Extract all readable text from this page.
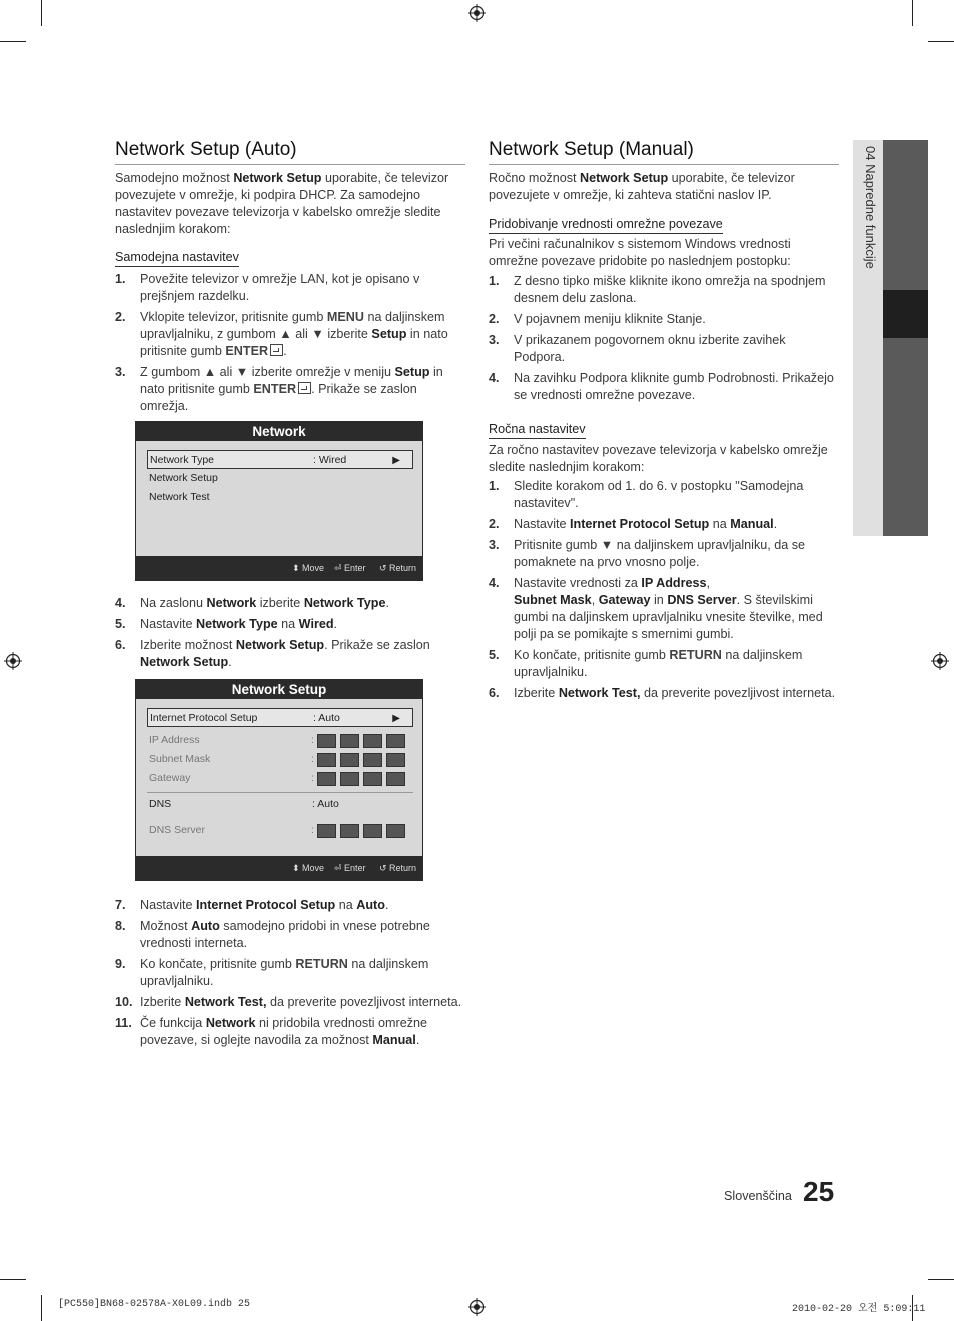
04 Napredne funkcije
Network Setup (Auto)

Samodejno možnost Network Setup uporabite, če televizor povezujete v omrežje, ki podpira DHCP. Za samodejno nastavitev povezave televizorja v kabelsko omrežje sledite naslednjim korakom:

Samodejna nastavitev
1. Povežite televizor v omrežje LAN, kot je opisano v prejšnjem razdelku.
2. Vklopite televizor, pritisnite gumb MENU na daljinskem upravljalniku, z gumbom ▲ ali ▼ izberite Setup in nato pritisnite gumb ENTER .
3. Z gumbom ▲ ali ▼ izberite omrežje v meniju Setup in nato pritisnite gumb ENTER . Prikaže se zaslon omrežja.
Network
Network Type	: Wired	▶
Network Setup
Network Test
⬍ Move ⏎ Enter ↺ Return
4. Na zaslonu Network izberite Network Type.
5. Nastavite Network Type na Wired.
6. Izberite možnost Network Setup. Prikaže se zaslon Network Setup.
Network Setup
Internet Protocol Setup	: Auto	▶
IP Address	:
Subnet Mask	:
Gateway	:
DNS	: Auto
DNS Server	:
⬍ Move ⏎ Enter ↺ Return
7. Nastavite Internet Protocol Setup na Auto.
8. Možnost Auto samodejno pridobi in vnese potrebne vrednosti interneta.
9. Ko končate, pritisnite gumb RETURN na daljinskem upravljalniku.
10. Izberite Network Test, da preverite povezljivost interneta.
11. Če funkcija Network ni pridobila vrednosti omrežne povezave, si oglejte navodila za možnost Manual.
Network Setup (Manual)

Ročno možnost Network Setup uporabite, če televizor povezujete v omrežje, ki zahteva statični naslov IP.

Pridobivanje vrednosti omrežne povezave

Pri večini računalnikov s sistemom Windows vrednosti omrežne povezave pridobite po naslednjem postopku:

1. Z desno tipko miške kliknite ikono omrežja na spodnjem desnem delu zaslona.
2. V pojavnem meniju kliknite Stanje.
3. V prikazanem pogovornem oknu izberite zavihek Podpora.
4. Na zavihku Podpora kliknite gumb Podrobnosti. Prikažejo se vrednosti omrežne povezave.
Ročna nastavitev

Za ročno nastavitev povezave televizorja v kabelsko omrežje sledite naslednjim korakom:

1. Sledite korakom od 1. do 6. v postopku "Samodejna nastavitev".
2. Nastavite Internet Protocol Setup na Manual.
3. Pritisnite gumb ▼ na daljinskem upravljalniku, da se pomaknete na prvo vnosno polje.
4. Nastavite vrednosti za IP Address,
Subnet Mask, Gateway in DNS Server. S številskimi gumbi na daljinskem upravljalniku vnesite številke, med polji pa se pomikajte s smernimi gumbi.
5. Ko končate, pritisnite gumb RETURN na daljinskem upravljalniku.
6. Izberite Network Test, da preverite povezljivost interneta.
Slovenščina 25
[PC550]BN68-02578A-X0L09.indb 25	2010-02-20 오전 5:09:11
